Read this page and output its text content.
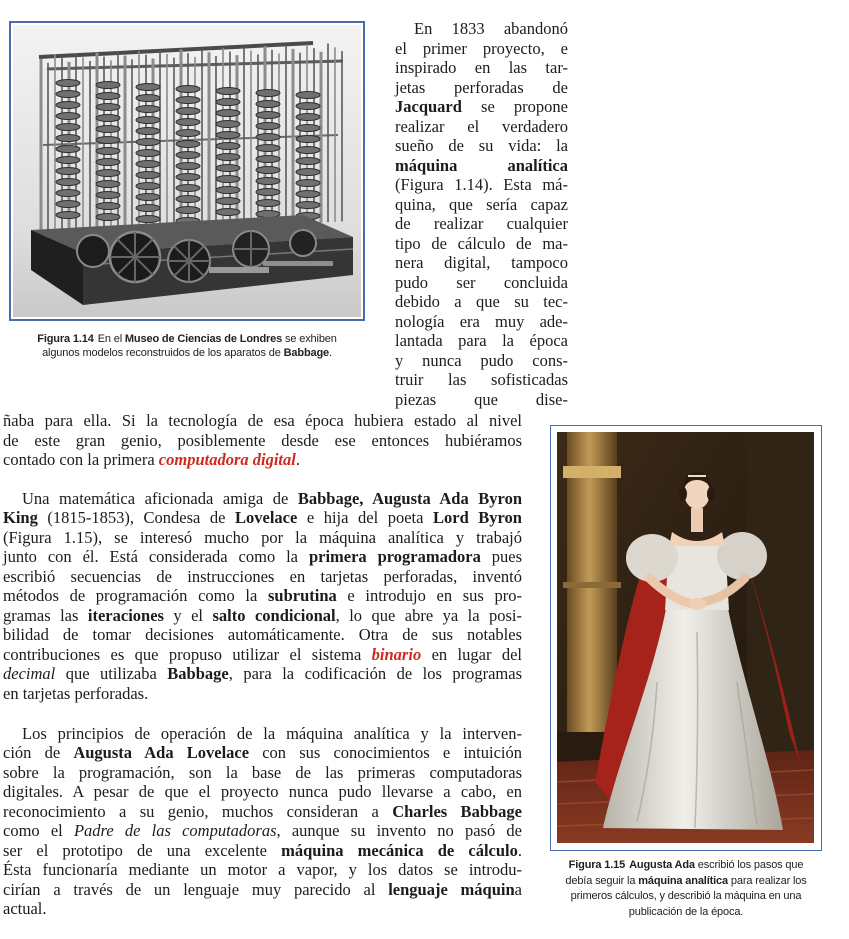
Figura 1.14 En el Museo de Ciencias de Londres se exhiben
algunos modelos reconstruidos de los aparatos de Babbage.
Figura 1.15 Augusta Ada escribió los pasos que
debía seguir la máquina analítica para realizar los
primeros cálculos, y describió la máquina en una
publicación de la época.
En 1833 abandonó
el primer proyecto, e
inspirado en las tar-
jetas perforadas de
Jacquard se propone
realizar el verdadero
sueño de su vida: la
máquina analítica
(Figura 1.14). Esta má-
quina, que sería capaz
de realizar cualquier
tipo de cálculo de ma-
nera digital, tampoco
pudo ser concluida
debido a que su tec-
nología era muy ade-
lantada para la época
y nunca pudo cons-
truir las sofisticadas
piezas que dise-
ñaba para ella. Si la tecnología de esa época hubiera estado al nivel
de este gran genio, posiblemente desde ese entonces hubiéramos
contado con la primera computadora digital.
Una matemática aficionada amiga de Babbage, Augusta Ada Byron
King (1815-1853), Condesa de Lovelace e hija del poeta Lord Byron
(Figura 1.15), se interesó mucho por la máquina analítica y trabajó
junto con él. Está considerada como la primera programadora pues
escribió secuencias de instrucciones en tarjetas perforadas, inventó
métodos de programación como la subrutina e introdujo en sus pro-
gramas las iteraciones y el salto condicional, lo que abre ya la posi-
bilidad de tomar decisiones automáticamente. Otra de sus notables
contribuciones es que propuso utilizar el sistema binario en lugar del
decimal que utilizaba Babbage, para la codificación de los programas
en tarjetas perforadas.
Los principios de operación de la máquina analítica y la interven-
ción de Augusta Ada Lovelace con sus conocimientos e intuición
sobre la programación, son la base de las primeras computadoras
digitales. A pesar de que el proyecto nunca pudo llevarse a cabo, en
reconocimiento a su genio, muchos consideran a Charles Babbage
como el Padre de las computadoras, aunque su invento no pasó de
ser el prototipo de una excelente máquina mecánica de cálculo.
Ésta funcionaría mediante un motor a vapor, y los datos se introdu-
cirían a través de un lenguaje muy parecido al lenguaje máquina
actual.
